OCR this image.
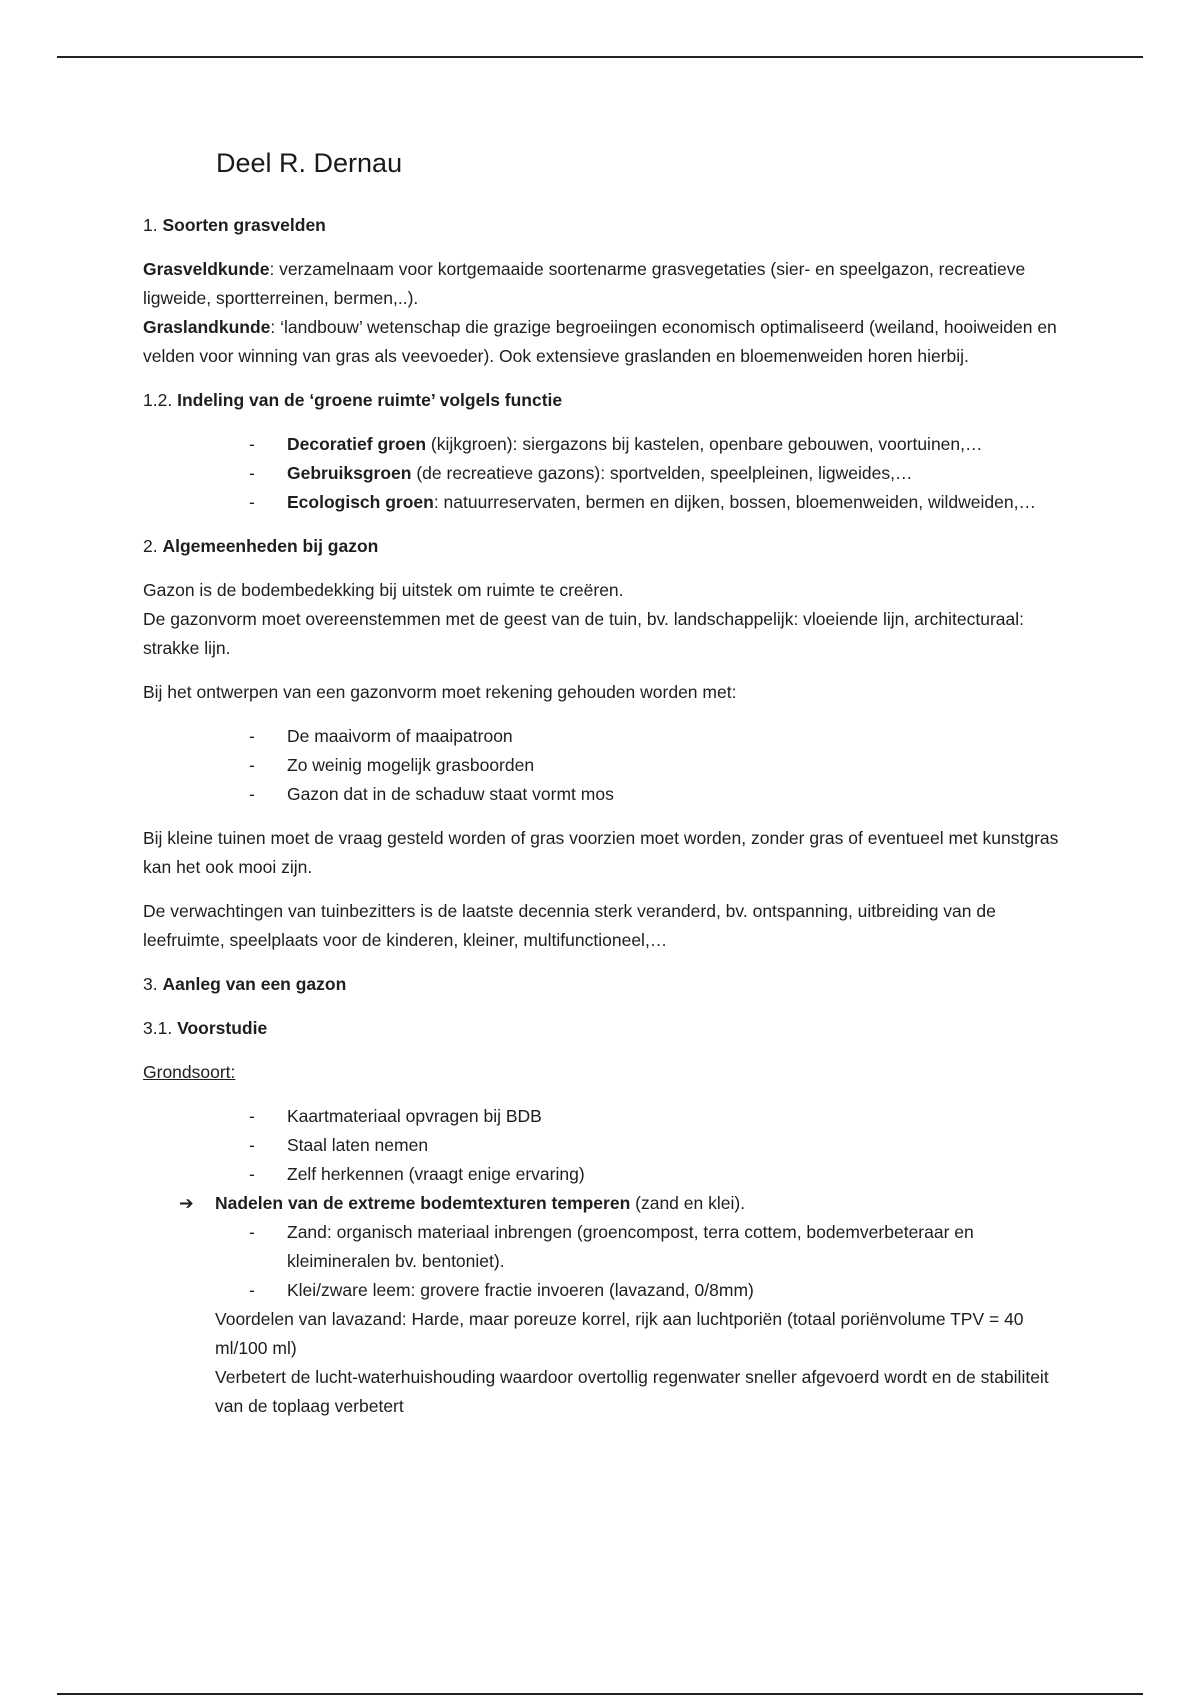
Deel R. Dernau
1. Soorten grasvelden
Grasveldkunde: verzamelnaam voor kortgemaaide soortenarme grasvegetaties (sier- en speelgazon, recreatieve ligweide, sportterreinen, bermen,..).
Graslandkunde: ‘landbouw’ wetenschap die grazige begroeiingen economisch optimaliseerd (weiland, hooiweiden en velden voor winning van gras als veevoeder). Ook extensieve graslanden en bloemenweiden horen hierbij.
1.2. Indeling van de ‘groene ruimte’ volgels functie
- Decoratief groen (kijkgroen): siergazons bij kastelen, openbare gebouwen, voortuinen,…
- Gebruiksgroen (de recreatieve gazons): sportvelden, speelpleinen, ligweides,…
- Ecologisch groen: natuurreservaten, bermen en dijken, bossen, bloemenweiden, wildweiden,…
2. Algemeenheden bij gazon
Gazon is de bodembedekking bij uitstek om ruimte te creëren.
De gazonvorm moet overeenstemmen met de geest van de tuin, bv. landschappelijk: vloeiende lijn, architecturaal: strakke lijn.
Bij het ontwerpen van een gazonvorm moet rekening gehouden worden met:
- De maaivorm of maaipatroon
- Zo weinig mogelijk grasboorden
- Gazon dat in de schaduw staat vormt mos
Bij kleine tuinen moet de vraag gesteld worden of gras voorzien moet worden, zonder gras of eventueel met kunstgras kan het ook mooi zijn.
De verwachtingen van tuinbezitters is de laatste decennia sterk veranderd, bv. ontspanning, uitbreiding van de leefruimte, speelplaats voor de kinderen, kleiner, multifunctioneel,…
3. Aanleg van een gazon
3.1. Voorstudie
Grondsoort:
- Kaartmateriaal opvragen bij BDB
- Staal laten nemen
- Zelf herkennen (vraagt enige ervaring)
➔ Nadelen van de extreme bodemtexturen temperen (zand en klei).
- Zand: organisch materiaal inbrengen (groencompost, terra cottem, bodemverbeteraar en kleimineralen bv. bentoniet).
- Klei/zware leem: grovere fractie invoeren (lavazand, 0/8mm)
Voordelen van lavazand: Harde, maar poreuze korrel, rijk aan luchtporiën (totaal poriënvolume TPV = 40 ml/100 ml)
Verbetert de lucht-waterhuishouding waardoor overtollig regenwater sneller afgevoerd wordt en de stabiliteit van de toplaag verbetert
